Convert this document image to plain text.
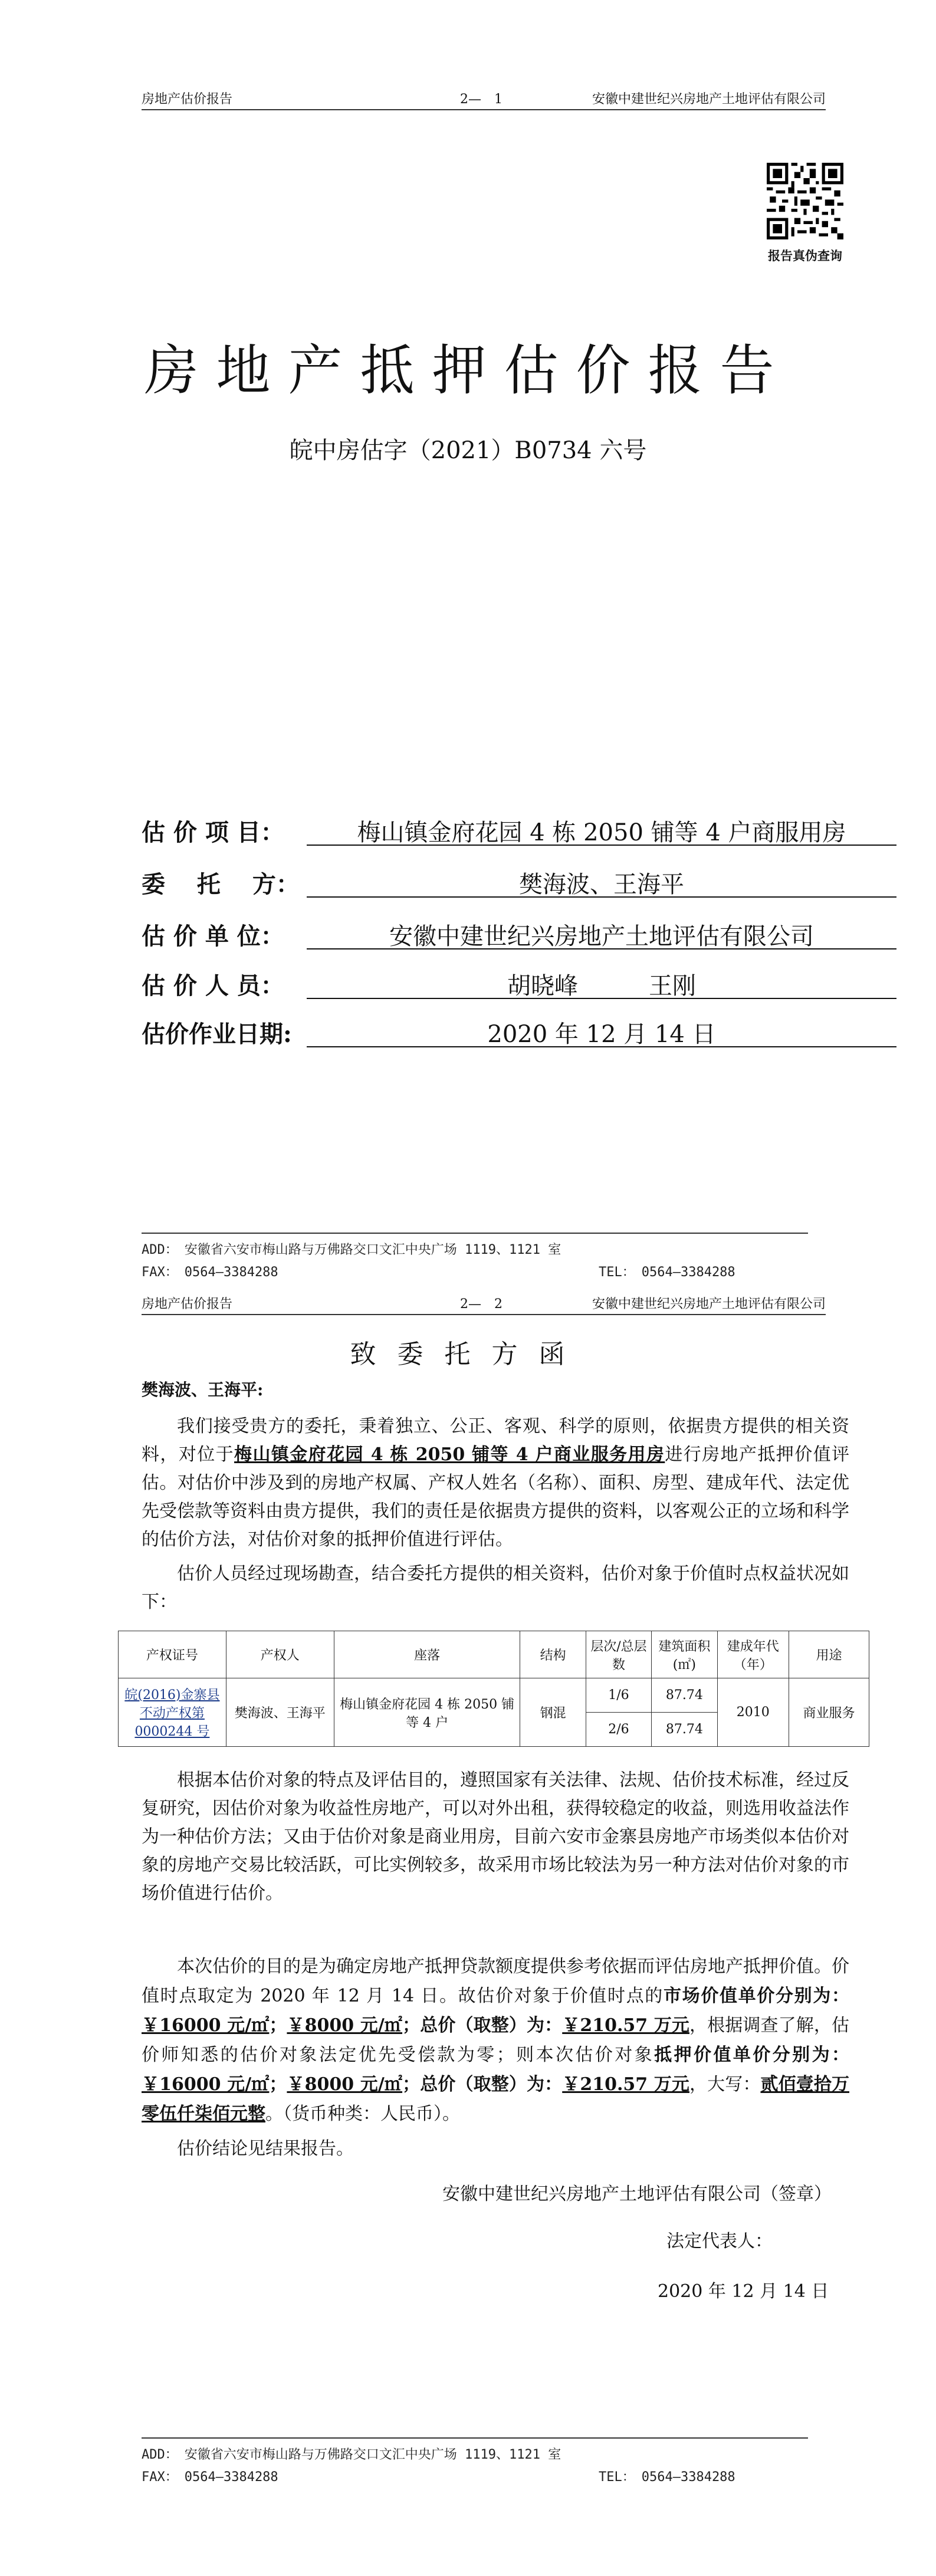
房地产估价报告	2—　1	安徽中建世纪兴房地产土地评估有限公司
报告真伪查询
房地产抵押估价报告
皖中房估字（2021）B0734 六号
估 价 项 目：	梅山镇金府花园 4 栋 2050 铺等 4 户商服用房
委　 托　 方：	樊海波、王海平
估 价 单 位：	安徽中建世纪兴房地产土地评估有限公司
估 价 人 员：	胡晓峰　　　王刚
估价作业日期:	2020 年 12 月 14 日
ADD：　安徽省六安市梅山路与万佛路交口文汇中央广场 1119、1121 室
FAX：　0564—3384288	TEL：　0564—3384288
房地产估价报告	2—　2	安徽中建世纪兴房地产土地评估有限公司
致委托方函
樊海波、王海平:
我们接受贵方的委托，秉着独立、公正、客观、科学的原则，依据贵方提供的相关资料，对位于梅山镇金府花园 4 栋 2050 铺等 4 户商业服务用房进行房地产抵押价值评估。对估价中涉及到的房地产权属、产权人姓名（名称）、面积、房型、建成年代、法定优先受偿款等资料由贵方提供，我们的责任是依据贵方提供的资料，以客观公正的立场和科学的估价方法，对估价对象的抵押价值进行评估。
估价人员经过现场勘查，结合委托方提供的相关资料，估价对象于价值时点权益状况如下：
产权证号	产权人	座落	结构	层次/总层数	建筑面积(㎡)	建成年代（年）	用途
皖(2016)金寨县不动产权第0000244 号	樊海波、王海平	梅山镇金府花园 4 栋 2050 铺等 4 户	钢混	1/6	87.74	2010	商业服务
				2/6	87.74		
根据本估价对象的特点及评估目的，遵照国家有关法律、法规、估价技术标准，经过反复研究，因估价对象为收益性房地产，可以对外出租，获得较稳定的收益，则选用收益法作为一种估价方法；又由于估价对象是商业用房，目前六安市金寨县房地产市场类似本估价对象的房地产交易比较活跃，可比实例较多，故采用市场比较法为另一种方法对估价对象的市场价值进行估价。
本次估价的目的是为确定房地产抵押贷款额度提供参考依据而评估房地产抵押价值。价值时点取定为 2020 年 12 月 14 日。故估价对象于价值时点的市场价值单价分别为：￥16000 元/㎡；￥8000 元/㎡；总价（取整）为：￥210.57 万元，根据调查了解，估价师知悉的估价对象法定优先受偿款为零；则本次估价对象抵押价值单价分别为：￥16000 元/㎡；￥8000 元/㎡；总价（取整）为：￥210.57 万元，大写：贰佰壹拾万零伍仟柒佰元整。（货币种类：人民币）。
估价结论见结果报告。
安徽中建世纪兴房地产土地评估有限公司（签章）
法定代表人：
2020 年 12 月 14 日
ADD：　安徽省六安市梅山路与万佛路交口文汇中央广场 1119、1121 室
FAX：　0564—3384288	TEL：　0564—3384288
